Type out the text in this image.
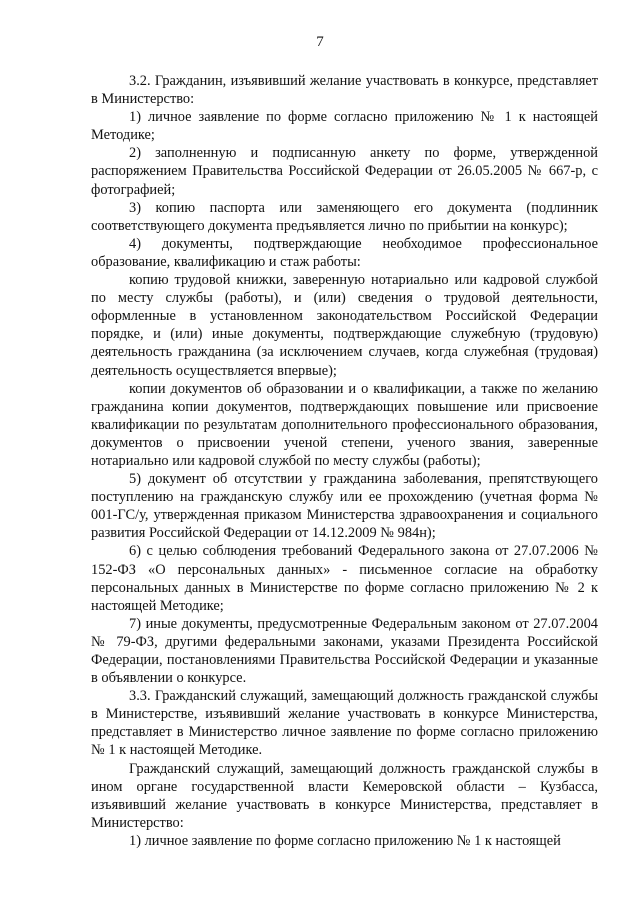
7

3.2. Гражданин, изъявивший желание участвовать в конкурсе, представляет в Министерство:

1) личное заявление по форме согласно приложению № 1 к настоящей Методике;

2) заполненную и подписанную анкету по форме, утвержденной распоряжением Правительства Российской Федерации от 26.05.2005 № 667-р, с фотографией;

3) копию паспорта или заменяющего его документа (подлинник соответствующего документа предъявляется лично по прибытии на конкурс);

4) документы, подтверждающие необходимое профессиональное образование, квалификацию и стаж работы:

копию трудовой книжки, заверенную нотариально или кадровой службой по месту службы (работы), и (или) сведения о трудовой деятельности, оформленные в установленном законодательством Российской Федерации порядке, и (или) иные документы, подтверждающие служебную (трудовую) деятельность гражданина (за исключением случаев, когда служебная (трудовая) деятельность осуществляется впервые);

копии документов об образовании и о квалификации, а также по желанию гражданина копии документов, подтверждающих повышение или присвоение квалификации по результатам дополнительного профессионального образования, документов о присвоении ученой степени, ученого звания, заверенные нотариально или кадровой службой по месту службы (работы);

5) документ об отсутствии у гражданина заболевания, препятствующего поступлению на гражданскую службу или ее прохождению (учетная форма № 001-ГС/у, утвержденная приказом Министерства здравоохранения и социального развития Российской Федерации от 14.12.2009 № 984н);

6) с целью соблюдения требований Федерального закона от 27.07.2006 № 152-ФЗ «О персональных данных» - письменное согласие на обработку персональных данных в Министерстве по форме согласно приложению № 2 к настоящей Методике;

7) иные документы, предусмотренные Федеральным законом от 27.07.2004 № 79-ФЗ, другими федеральными законами, указами Президента Российской Федерации, постановлениями Правительства Российской Федерации и указанные в объявлении о конкурсе.

3.3. Гражданский служащий, замещающий должность гражданской службы в Министерстве, изъявивший желание участвовать в конкурсе Министерства, представляет в Министерство личное заявление по форме согласно приложению № 1 к настоящей Методике.

Гражданский служащий, замещающий должность гражданской службы в ином органе государственной власти Кемеровской области – Кузбасса, изъявивший желание участвовать в конкурсе Министерства, представляет в Министерство:

1) личное заявление по форме согласно приложению № 1 к настоящей
